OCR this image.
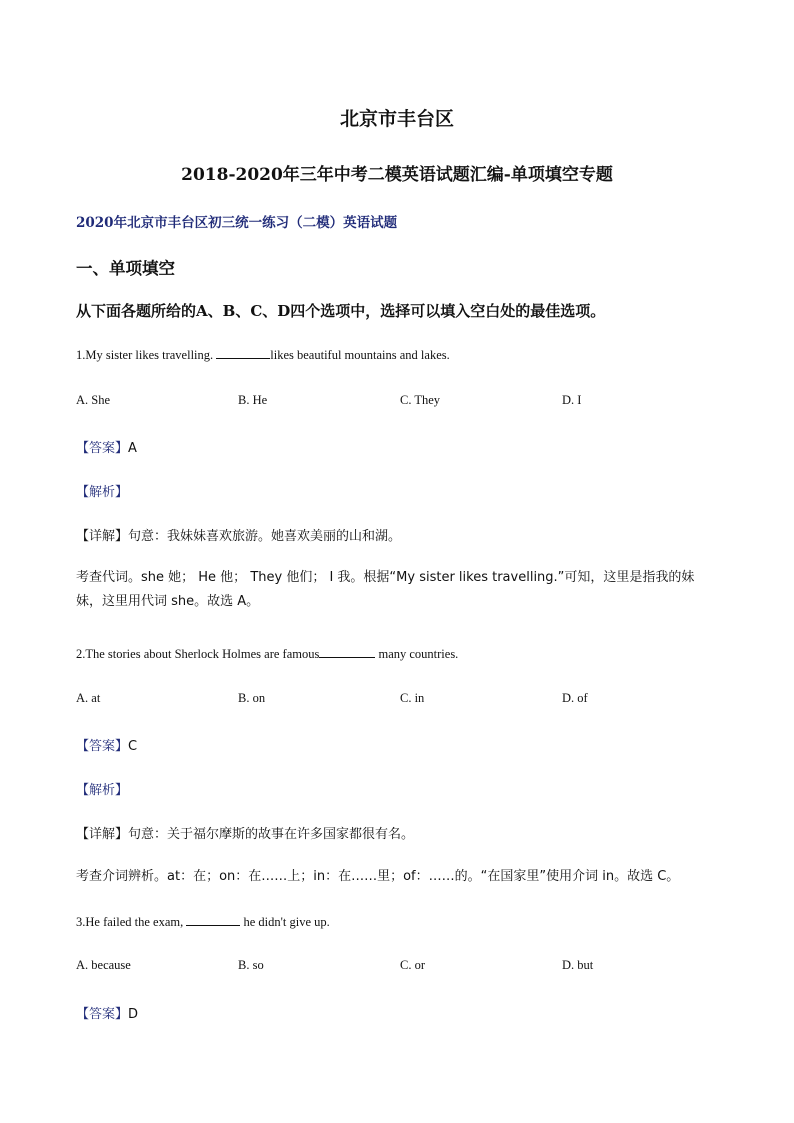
北京市丰台区
2018-2020年三年中考二模英语试题汇编-单项填空专题
2020年北京市丰台区初三统一练习（二模）英语试题
一、单项填空
从下面各题所给的A、B、C、D四个选项中，选择可以填入空白处的最佳选项。
1.My sister likes travelling.	likes beautiful mountains and lakes.
A. She	B. He	C. They	D. I
【答案】A
【解析】
【详解】句意：我妹妹喜欢旅游。她喜欢美丽的山和湖。
考查代词。she 她； He 他； They 他们； I 我。根据“My sister likes travelling.”可知，这里是指我的妹妹，这里用代词 she。故选 A。
2.The stories about Sherlock Holmes are famous	many countries.
A. at	B. on	C. in	D. of
【答案】C
【解析】
【详解】句意：关于福尔摩斯的故事在许多国家都很有名。
考查介词辨析。at：在；on：在……上；in：在……里；of：……的。“在国家里”使用介词 in。故选 C。
3.He failed the exam,	he didn't give up.
A. because	B. so	C. or	D. but
【答案】D
